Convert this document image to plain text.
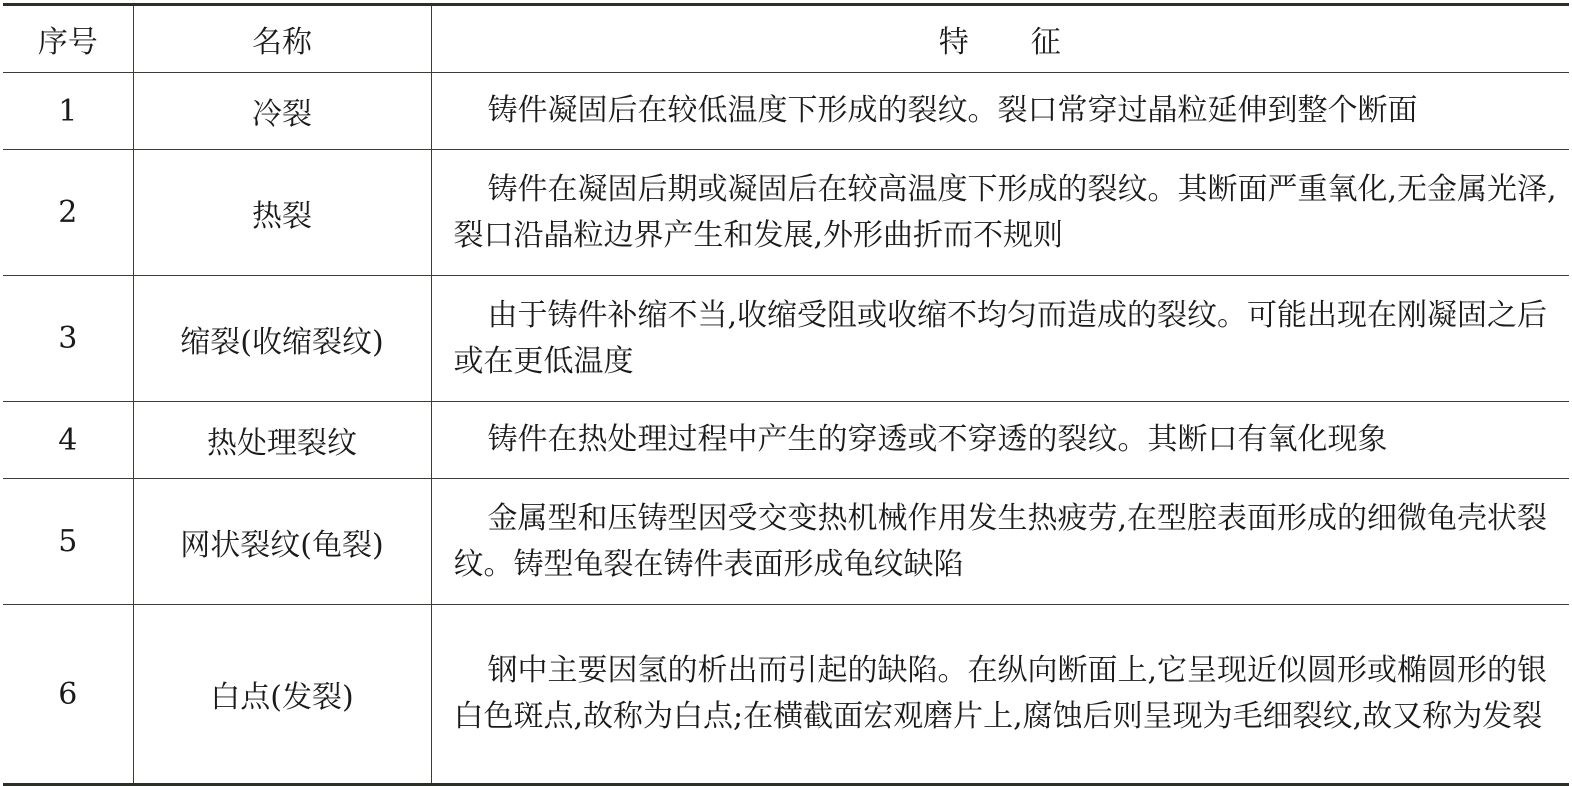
序号	名称	特征
1	冷裂	铸件凝固后在较低温度下形成的裂纹。裂口常穿过晶粒延伸到整个断面
2	热裂	铸件在凝固后期或凝固后在较高温度下形成的裂纹。其断面严重氧化,无金属光泽,裂口沿晶粒边界产生和发展,外形曲折而不规则
3	缩裂(收缩裂纹)	由于铸件补缩不当,收缩受阻或收缩不均匀而造成的裂纹。可能出现在刚凝固之后或在更低温度
4	热处理裂纹	铸件在热处理过程中产生的穿透或不穿透的裂纹。其断口有氧化现象
5	网状裂纹(龟裂)	金属型和压铸型因受交变热机械作用发生热疲劳,在型腔表面形成的细微龟壳状裂纹。铸型龟裂在铸件表面形成龟纹缺陷
6	白点(发裂)	钢中主要因氢的析出而引起的缺陷。在纵向断面上,它呈现近似圆形或椭圆形的银白色斑点,故称为白点;在横截面宏观磨片上,腐蚀后则呈现为毛细裂纹,故又称为发裂
